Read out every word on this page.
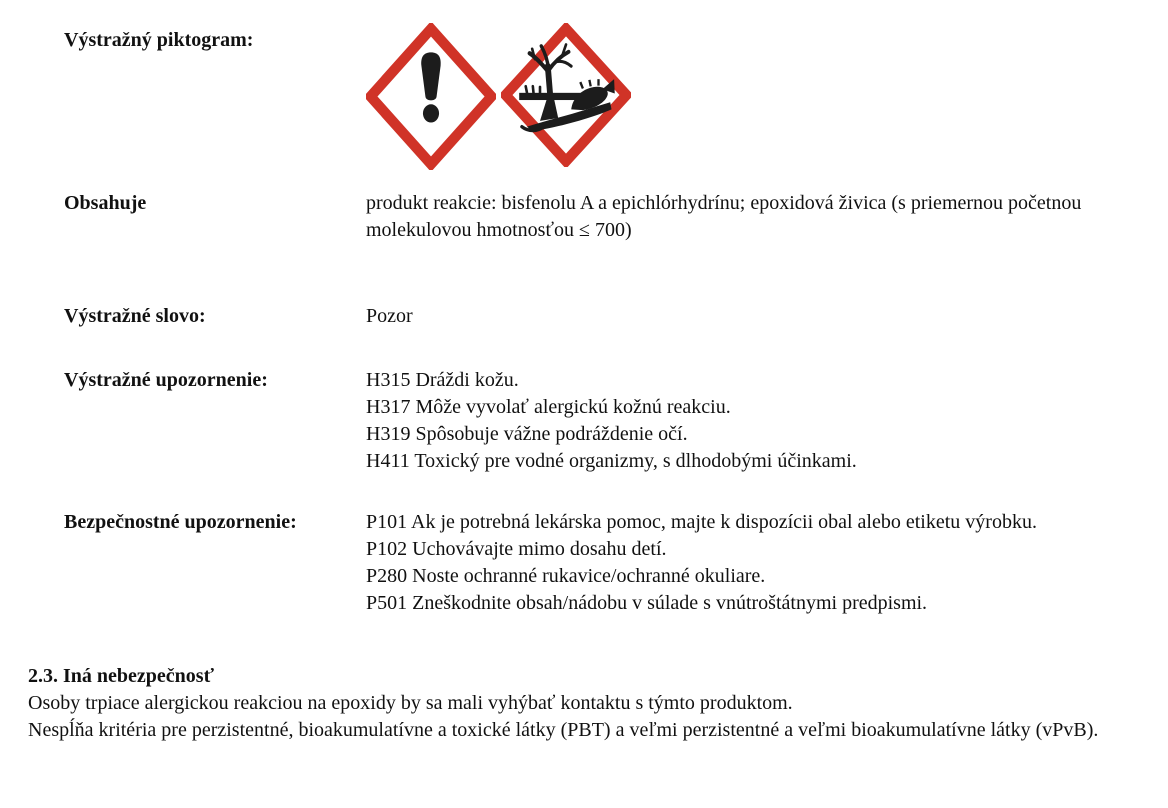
Výstražný piktogram:
Obsahuje	produkt reakcie: bisfenolu A a epichlórhydrínu; epoxidová živica (s priemernou početnou molekulovou hmotnosťou ≤ 700)
Výstražné slovo:	Pozor
Výstražné upozornenie:	H315 Dráždi kožu.
H317 Môže vyvolať alergickú kožnú reakciu.
H319 Spôsobuje vážne podráždenie očí.
H411 Toxický pre vodné organizmy, s dlhodobými účinkami.
Bezpečnostné upozornenie:	P101 Ak je potrebná lekárska pomoc, majte k dispozícii obal alebo etiketu výrobku.
P102 Uchovávajte mimo dosahu detí.
P280 Noste ochranné rukavice/ochranné okuliare.
P501 Zneškodnite obsah/nádobu v súlade s vnútroštátnymi predpismi.
2.3. Iná nebezpečnosť

Osoby trpiace alergickou reakciou na epoxidy by sa mali vyhýbať kontaktu s týmto produktom.

Nespĺňa kritéria pre perzistentné, bioakumulatívne a toxické látky (PBT) a veľmi perzistentné a veľmi bioakumulatívne látky (vPvB).
